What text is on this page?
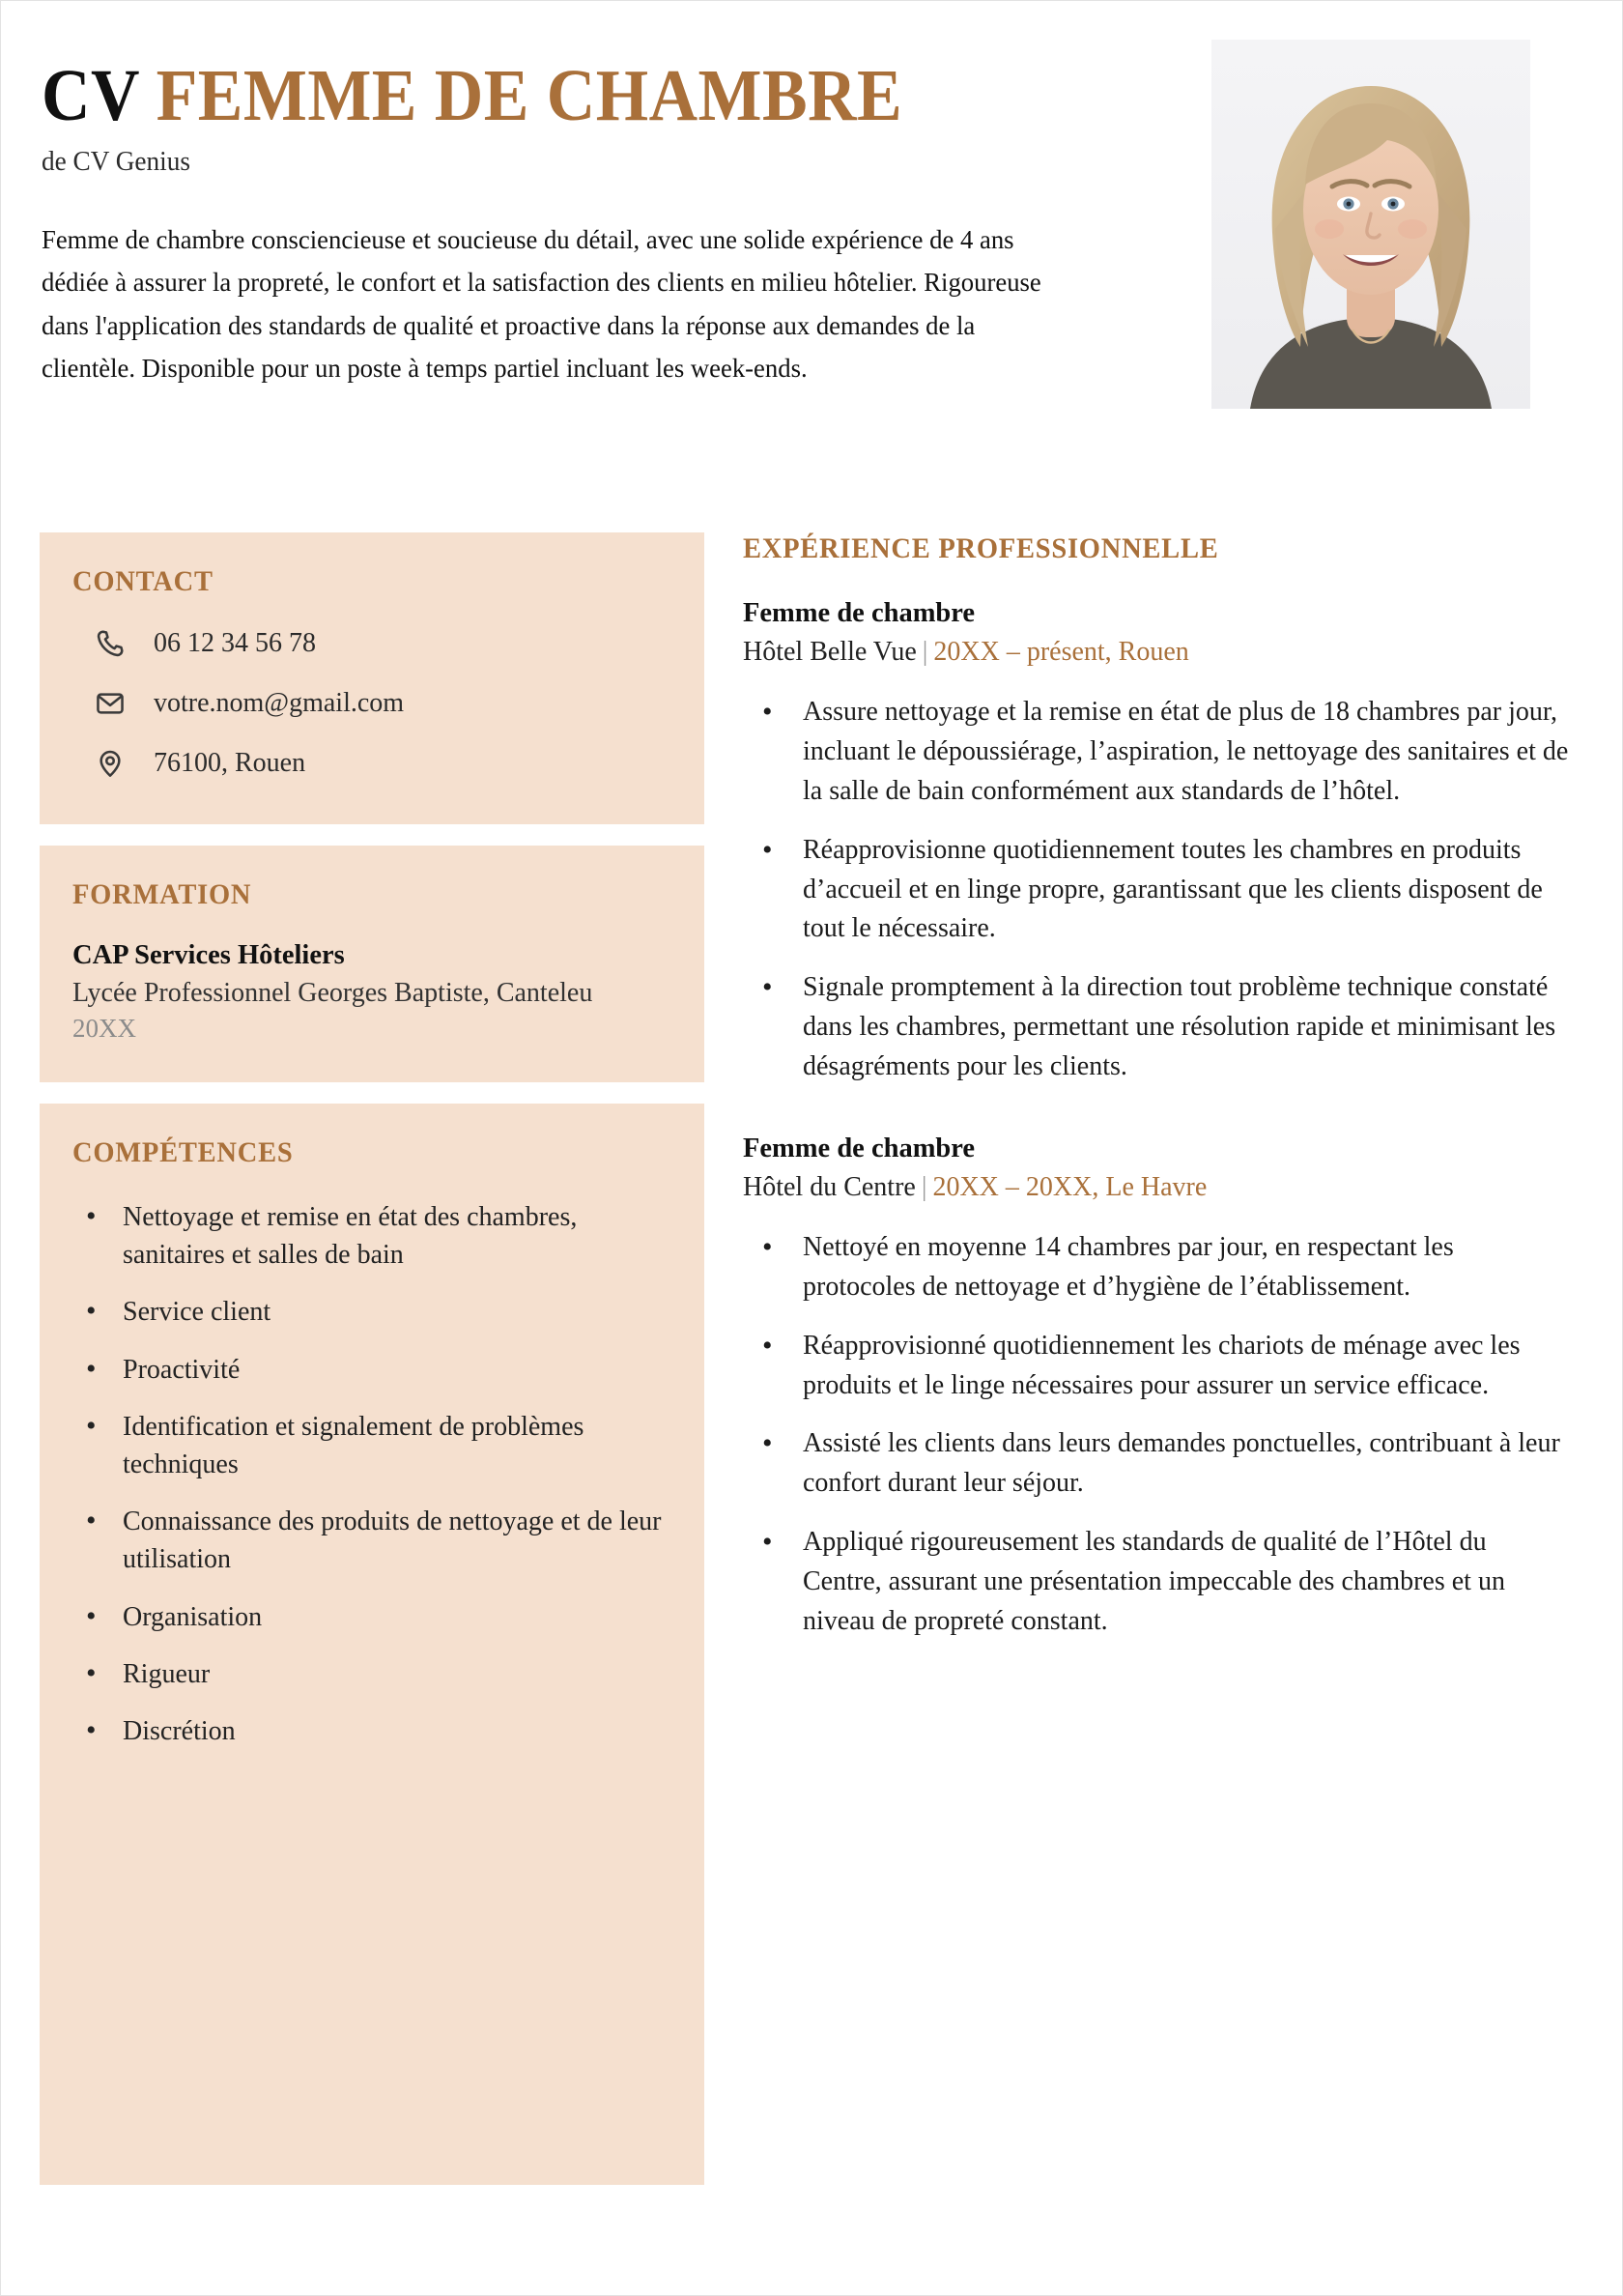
CV FEMME DE CHAMBRE
de CV Genius
Femme de chambre consciencieuse et soucieuse du détail, avec une solide expérience de 4 ans dédiée à assurer la propreté, le confort et la satisfaction des clients en milieu hôtelier. Rigoureuse dans l'application des standards de qualité et proactive dans la réponse aux demandes de la clientèle. Disponible pour un poste à temps partiel incluant les week-ends.
CONTACT
06 12 34 56 78
votre.nom@gmail.com
76100, Rouen
FORMATION
CAP Services Hôteliers
Lycée Professionnel Georges Baptiste, Canteleu
20XX
COMPÉTENCES
• Nettoyage et remise en état des chambres, sanitaires et salles de bain
• Service client
• Proactivité
• Identification et signalement de problèmes techniques
• Connaissance des produits de nettoyage et de leur utilisation
• Organisation
• Rigueur
• Discrétion
EXPÉRIENCE PROFESSIONNELLE
Femme de chambre
Hôtel Belle Vue | 20XX – présent, Rouen
• Assure nettoyage et la remise en état de plus de 18 chambres par jour, incluant le dépoussiérage, l’aspiration, le nettoyage des sanitaires et de la salle de bain conformément aux standards de l’hôtel.
• Réapprovisionne quotidiennement toutes les chambres en produits d’accueil et en linge propre, garantissant que les clients disposent de tout le nécessaire.
• Signale promptement à la direction tout problème technique constaté dans les chambres, permettant une résolution rapide et minimisant les désagréments pour les clients.
Femme de chambre
Hôtel du Centre | 20XX – 20XX, Le Havre
• Nettoyé en moyenne 14 chambres par jour, en respectant les protocoles de nettoyage et d’hygiène de l’établissement.
• Réapprovisionné quotidiennement les chariots de ménage avec les produits et le linge nécessaires pour assurer un service efficace.
• Assisté les clients dans leurs demandes ponctuelles, contribuant à leur confort durant leur séjour.
• Appliqué rigoureusement les standards de qualité de l’Hôtel du Centre, assurant une présentation impeccable des chambres et un niveau de propreté constant.
